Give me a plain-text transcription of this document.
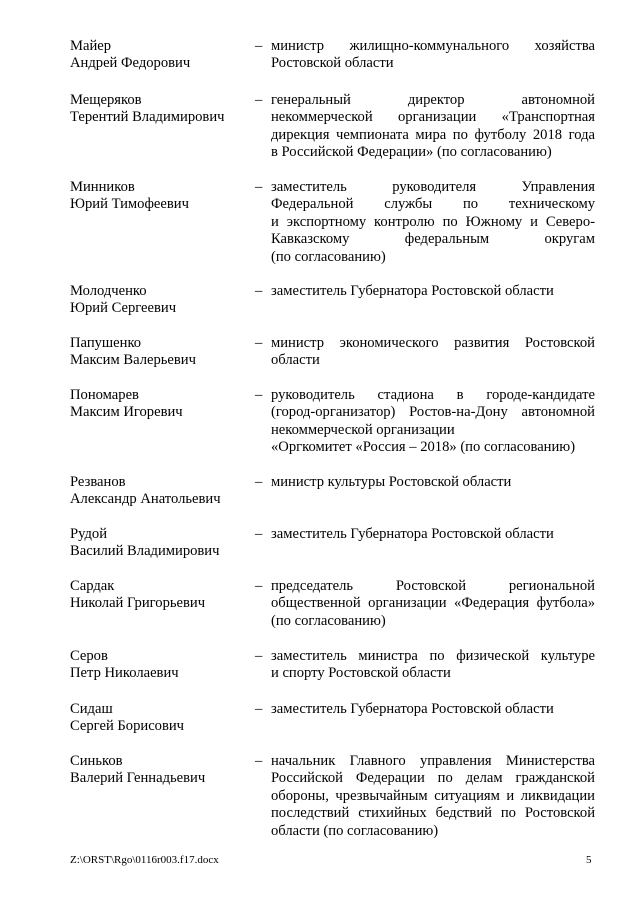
Майер
Андрей Федорович
– министр жилищно-коммунального хозяйства
Ростовской области
Мещеряков
Терентий Владимирович
– генеральный директор автономной
некоммерческой организации «Транспортная
дирекция чемпионата мира по футболу 2018 года
в Российской Федерации» (по согласованию)
Минников
Юрий Тимофеевич
– заместитель руководителя Управления
Федеральной службы по техническому
и экспортному контролю по Южному и Северо-
Кавказскому федеральным округам
(по согласованию)
Молодченко
Юрий Сергеевич
– заместитель Губернатора Ростовской области
Папушенко
Максим Валерьевич
– министр экономического развития Ростовской
области
Пономарев
Максим Игоревич
– руководитель стадиона в городе-кандидате
(город-организатор) Ростов-на-Дону автономной
некоммерческой организации
«Оргкомитет «Россия – 2018» (по согласованию)
Резванов
Александр Анатольевич
– министр культуры Ростовской области
Рудой
Василий Владимирович
– заместитель Губернатора Ростовской области
Сардак
Николай Григорьевич
– председатель Ростовской региональной
общественной организации «Федерация футбола»
(по согласованию)
Серов
Петр Николаевич
– заместитель министра по физической культуре
и спорту Ростовской области
Сидаш
Сергей Борисович
– заместитель Губернатора Ростовской области
Синьков
Валерий Геннадьевич
– начальник Главного управления Министерства
Российской Федерации по делам гражданской
обороны, чрезвычайным ситуациям и ликвидации
последствий стихийных бедствий по Ростовской
области (по согласованию)
Z:\ORST\Rgo\0116r003.f17.docx	5
